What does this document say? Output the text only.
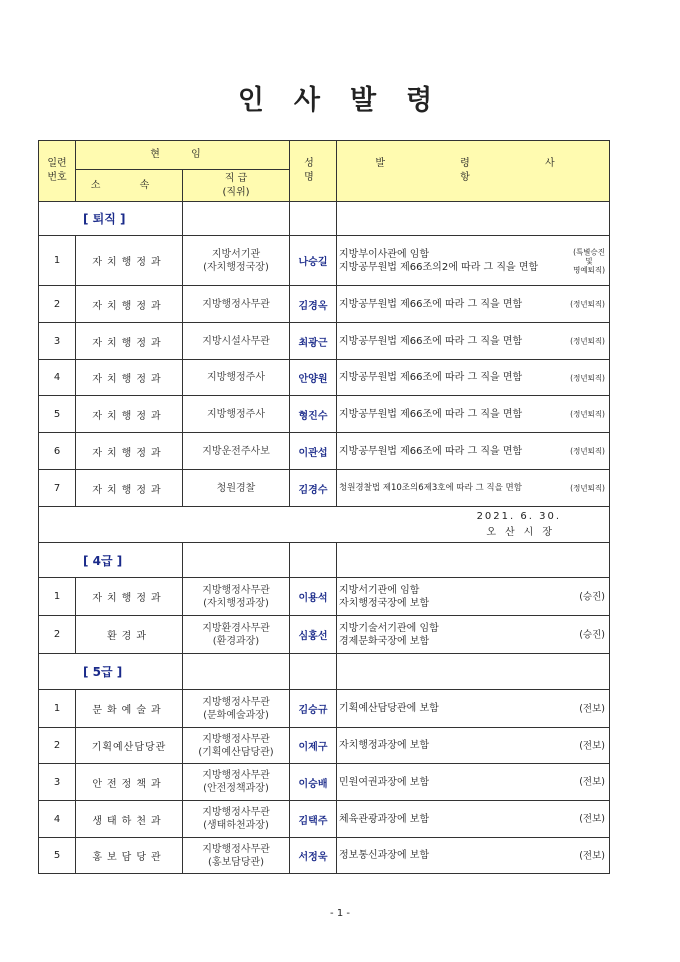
인사발령
일련
번호	현 임		성 명	발 령 사 항
	소 속	직 급
(직위)		
[ 퇴직 ]				
1	자치행정과	지방서기관
(자치행정국장)	나승길	지방부이사관에 임함
지방공무원법 제66조의2에 따라 그 직을 면함
(특별승진
및
명예퇴직)

2	자치행정과	지방행정사무관	김경옥	지방공무원법 제66조에 따라 그 직을 면함 (정년퇴직)

3	자치행정과	지방시설사무관	최광근	지방공무원법 제66조에 따라 그 직을 면함 (정년퇴직)

4	자치행정과	지방행정주사	안양원	지방공무원법 제66조에 따라 그 직을 면함 (정년퇴직)

5	자치행정과	지방행정주사	형진수	지방공무원법 제66조에 따라 그 직을 면함 (정년퇴직)

6	자치행정과	지방운전주사보	이관섭	지방공무원법 제66조에 따라 그 직을 면함 (정년퇴직)

7	자치행정과	청원경찰	김경수	청원경찰법 제10조의6제3호에 따라 그 직을 면함 (정년퇴직)

2021. 6. 30.
오산시장				

[ 4급 ]				
1	자치행정과	지방행정사무관
(자치행정과장)	이용석	지방서기관에 임함
자치행정국장에 보함
(승진)

2	환경과	지방환경사무관
(환경과장)	심홍선	지방기술서기관에 임함
경제문화국장에 보함
(승진)

[ 5급 ]				
1	문화예술과	지방행정사무관
(문화예술과장)	김승규	기획예산담당관에 보함 (전보)

2	기획예산담당관	지방행정사무관
(기획예산담당관)	이제구	자치행정과장에 보함 (전보)

3	안전정책과	지방행정사무관
(안전정책과장)	이승배	민원여권과장에 보함 (전보)

4	생태하천과	지방행정사무관
(생태하천과장)	김택주	체육관광과장에 보함 (전보)

5	홍보담당관	지방행정사무관
(홍보담당관)	서정욱	정보통신과장에 보함 (전보)
- 1 -
